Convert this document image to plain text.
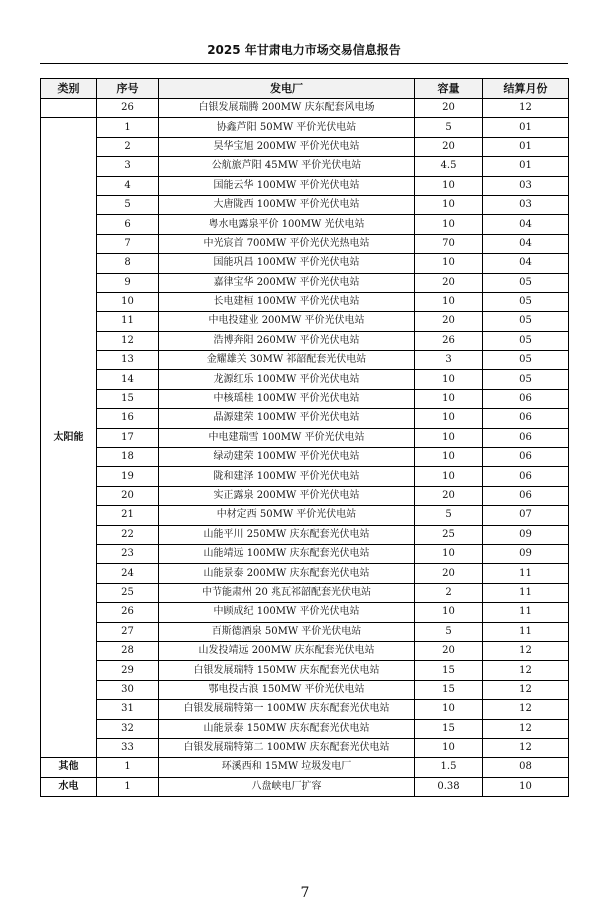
2025 年甘肃电力市场交易信息报告
类别	序号	发电厂	容量	结算月份
	26	白银发展瑞腾 200MW 庆东配套风电场	20	12
太阳能	1	协鑫芦阳 50MW 平价光伏电站	5	01
	2	昊华宝旭 200MW 平价光伏电站	20	01
	3	公航旅芦阳 45MW 平价光伏电站	4.5	01
	4	国能云华 100MW 平价光伏电站	10	03
	5	大唐陇西 100MW 平价光伏电站	10	03
	6	粤水电露泉平价 100MW 光伏电站	10	04
	7	中光宸首 700MW 平价光伏光热电站	70	04
	8	国能巩昌 100MW 平价光伏电站	10	04
	9	嘉律宝华 200MW 平价光伏电站	20	05
	10	长电建桓 100MW 平价光伏电站	10	05
	11	中电投建业 200MW 平价光伏电站	20	05
	12	浩博奔阳 260MW 平价光伏电站	26	05
	13	金耀雄关 30MW 祁韶配套光伏电站	3	05
	14	龙源红乐 100MW 平价光伏电站	10	05
	15	中核瑶桂 100MW 平价光伏电站	10	06
	16	晶源建荣 100MW 平价光伏电站	10	06
	17	中电建瑞雪 100MW 平价光伏电站	10	06
	18	绿动建荣 100MW 平价光伏电站	10	06
	19	陇和建泽 100MW 平价光伏电站	10	06
	20	实正露泉 200MW 平价光伏电站	20	06
	21	中材定西 50MW 平价光伏电站	5	07
	22	山能平川 250MW 庆东配套光伏电站	25	09
	23	山能靖远 100MW 庆东配套光伏电站	10	09
	24	山能景泰 200MW 庆东配套光伏电站	20	11
	25	中节能肃州 20 兆瓦祁韶配套光伏电站	2	11
	26	中顾成纪 100MW 平价光伏电站	10	11
	27	百斯德酒泉 50MW 平价光伏电站	5	11
	28	山发投靖远 200MW 庆东配套光伏电站	20	12
	29	白银发展瑞特 150MW 庆东配套光伏电站	15	12
	30	鄂电投古浪 150MW 平价光伏电站	15	12
	31	白银发展瑞特第一 100MW 庆东配套光伏电站	10	12
	32	山能景泰 150MW 庆东配套光伏电站	15	12
	33	白银发展瑞特第二 100MW 庆东配套光伏电站	10	12
其他	1	环溪西和 15MW 垃圾发电厂	1.5	08
水电	1	八盘峡电厂扩容	0.38	10
7
